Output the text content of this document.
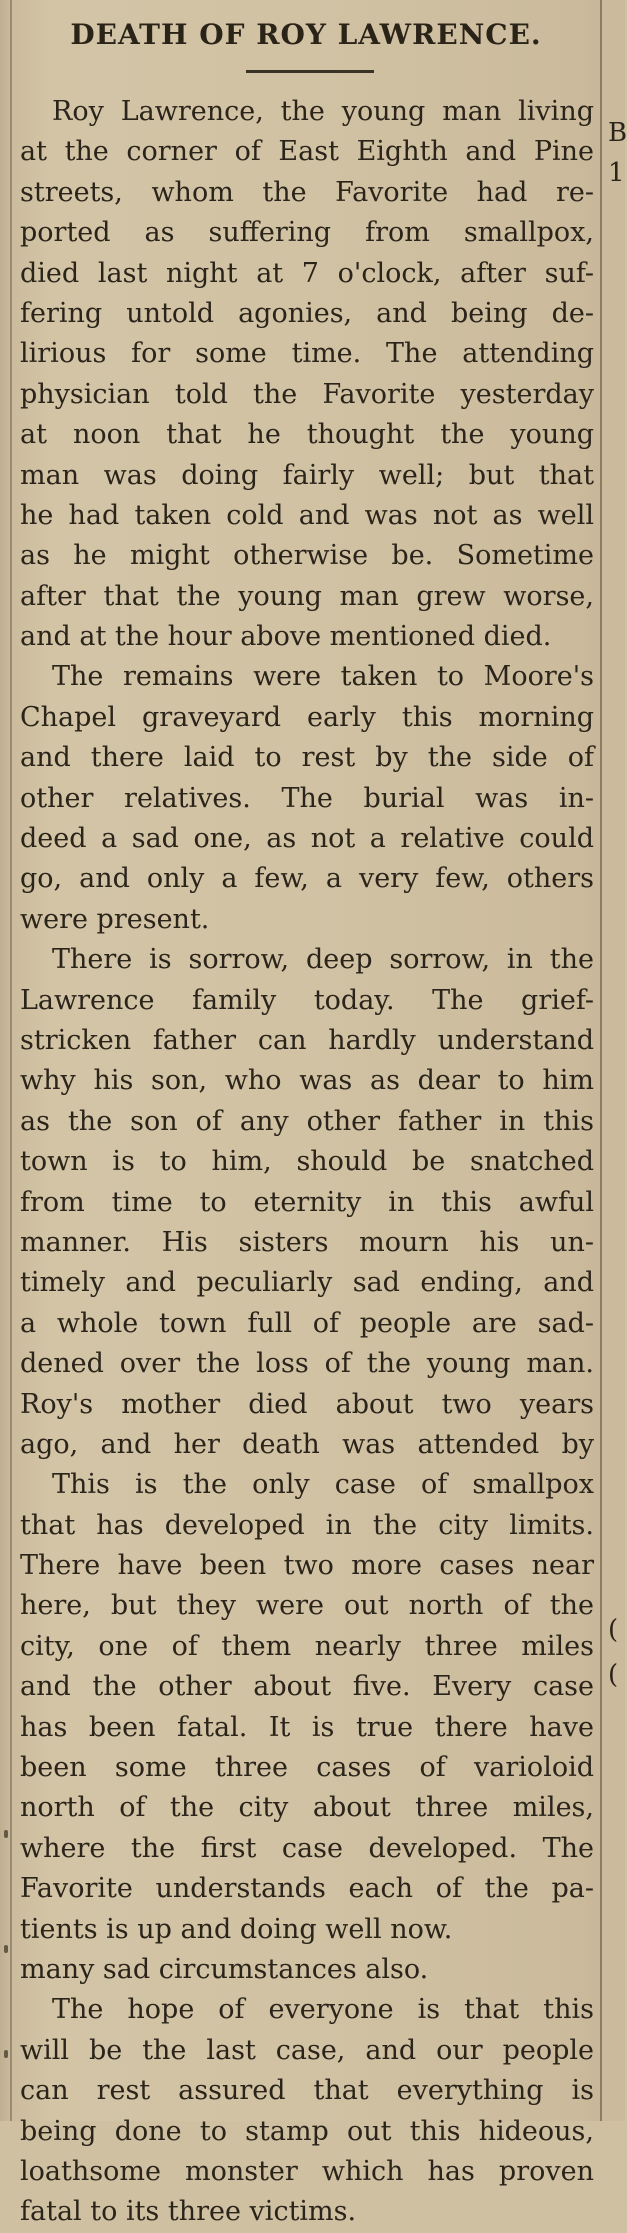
DEATH OF ROY LAWRENCE.
Roy Lawrence, the young man living
at the corner of East Eighth and Pine
streets, whom the Favorite had re-
ported as suffering from smallpox,
died last night at 7 o'clock, after suf-
fering untold agonies, and being de-
lirious for some time. The attending
physician told the Favorite yesterday
at noon that he thought the young
man was doing fairly well; but that
he had taken cold and was not as well
as he might otherwise be. Sometime
after that the young man grew worse,
and at the hour above mentioned died.
The remains were taken to Moore's
Chapel graveyard early this morning
and there laid to rest by the side of
other relatives. The burial was in-
deed a sad one, as not a relative could
go, and only a few, a very few, others
were present.
There is sorrow, deep sorrow, in the
Lawrence family today. The grief-
stricken father can hardly understand
why his son, who was as dear to him
as the son of any other father in this
town is to him, should be snatched
from time to eternity in this awful
manner. His sisters mourn his un-
timely and peculiarly sad ending, and
a whole town full of people are sad-
dened over the loss of the young man.
Roy's mother died about two years
ago, and her death was attended by
This is the only case of smallpox
that has developed in the city limits.
There have been two more cases near
here, but they were out north of the
city, one of them nearly three miles
and the other about five. Every case
has been fatal. It is true there have
been some three cases of varioloid
north of the city about three miles,
where the first case developed. The
Favorite understands each of the pa-
tients is up and doing well now.
many sad circumstances also.
The hope of everyone is that this
will be the last case, and our people
can rest assured that everything is
being done to stamp out this hideous,
loathsome monster which has proven
fatal to its three victims.
B
1
(
(
